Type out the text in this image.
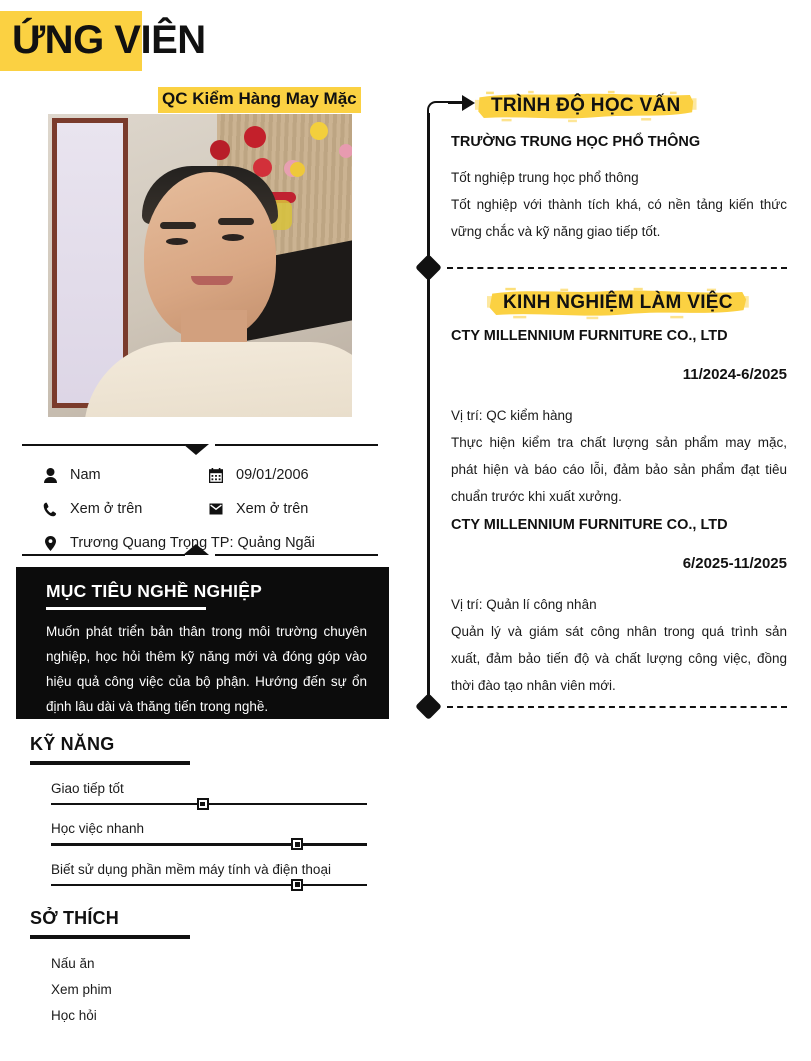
ỨNG VIÊN
QC Kiểm Hàng May Mặc
Nam	09/01/2006
Xem ở trên	Xem ở trên
Trương Quang Trọng TP: Quảng Ngãi
MỤC TIÊU NGHỀ NGHIỆP

Muốn phát triển bản thân trong môi trường chuyên nghiệp, học hỏi thêm kỹ năng mới và đóng góp vào hiệu quả công việc của bộ phận. Hướng đến sự ổn định lâu dài và thăng tiến trong nghề.

KỸ NĂNG
Giao tiếp tốt
Học việc nhanh
Biết sử dụng phần mềm máy tính và điện thoại
SỞ THÍCH
Nấu ăn
Xem phim
Học hỏi
TRÌNH ĐỘ HỌC VẤN
TRƯỜNG TRUNG HỌC PHỔ THÔNG
Tốt nghiệp trung học phổ thông

Tốt nghiệp với thành tích khá, có nền tảng kiến thức vững chắc và kỹ năng giao tiếp tốt.

KINH NGHIỆM LÀM VIỆC
CTY MILLENNIUM FURNITURE CO., LTD
11/2024-6/2025
Vị trí: QC kiểm hàng

Thực hiện kiểm tra chất lượng sản phẩm may mặc, phát hiện và báo cáo lỗi, đảm bảo sản phẩm đạt tiêu chuẩn trước khi xuất xưởng.

CTY MILLENNIUM FURNITURE CO., LTD
6/2025-11/2025
Vị trí: Quản lí công nhân

Quản lý và giám sát công nhân trong quá trình sản xuất, đảm bảo tiến độ và chất lượng công việc, đồng thời đào tạo nhân viên mới.
